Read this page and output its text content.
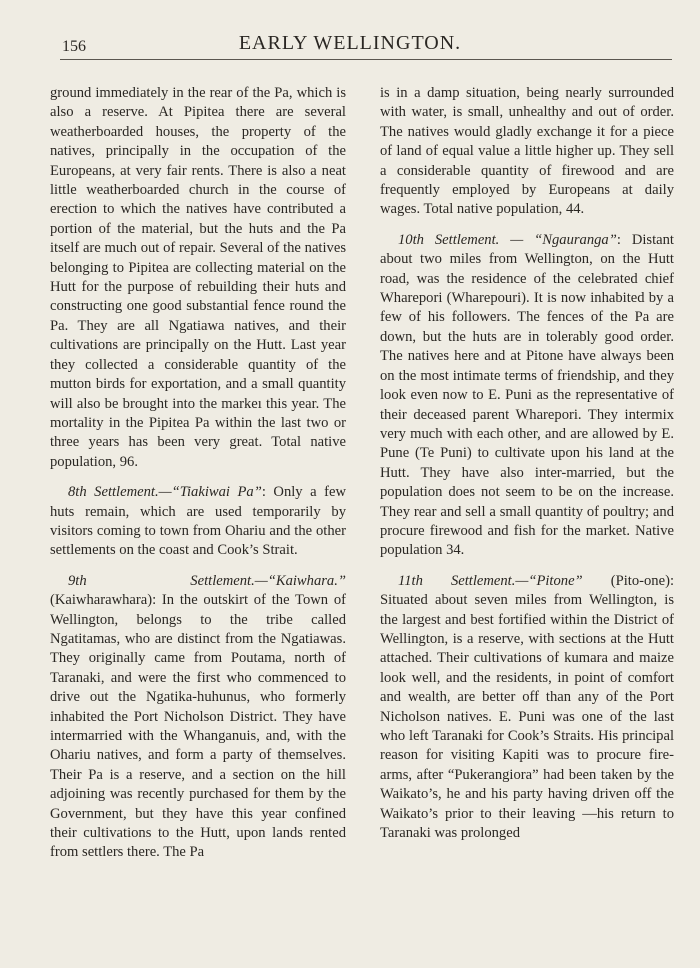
156	EARLY WELLINGTON.

ground immediately in the rear of the Pa, which is also a reserve. At Pipitea there are several weatherboarded houses, the property of the natives, principally in the occupation of the Europeans, at very fair rents. There is also a neat little weatherboarded church in the course of erection to which the natives have contributed a portion of the material, but the huts and the Pa itself are much out of repair. Several of the natives belonging to Pipitea are collecting material on the Hutt for the purpose of rebuilding their huts and constructing one good substantial fence round the Pa. They are all Ngatiawa natives, and their cultivations are principally on the Hutt. Last year they collected a considerable quantity of the mutton birds for exportation, and a small quantity will also be brought into the markeı this year. The mortality in the Pipitea Pa within the last two or three years has been very great. Total native population, 96.

8th Settlement.—“Tiakiwai Pa”: Only a few huts remain, which are used temporarily by visitors coming to town from Ohariu and the other settlements on the coast and Cook’s Strait.

9th Settlement.—“Kaiwhara.” (Kaiwharawhara): In the outskirt of the Town of Wellington, belongs to the tribe called Ngatitamas, who are distinct from the Ngatiawas. They originally came from Poutama, north of Taranaki, and were the first who commenced to drive out the Ngatika-huhunus, who formerly inhabited the Port Nicholson District. They have intermarried with the Whanganuis, and, with the Ohariu natives, and form a party of themselves. Their Pa is a reserve, and a section on the hill adjoining was recently purchased for them by the Government, but they have this year confined their cultivations to the Hutt, upon lands rented from settlers there. The Pa

is in a damp situation, being nearly surrounded with water, is small, unhealthy and out of order. The natives would gladly exchange it for a piece of land of equal value a little higher up. They sell a considerable quantity of firewood and are frequently employed by Europeans at daily wages. Total native population, 44.

10th Settlement. — “Ngauranga”: Distant about two miles from Wellington, on the Hutt road, was the residence of the celebrated chief Wharepori (Wharepouri). It is now inhabited by a few of his followers. The fences of the Pa are down, but the huts are in tolerably good order. The natives here and at Pitone have always been on the most intimate terms of friendship, and they look even now to E. Puni as the representative of their deceased parent Wharepori. They intermix very much with each other, and are allowed by E. Pune (Te Puni) to cultivate upon his land at the Hutt. They have also inter-married, but the population does not seem to be on the increase. They rear and sell a small quantity of poultry; and procure firewood and fish for the market. Native population 34.

11th Settlement.—“Pitone” (Pito-one): Situated about seven miles from Wellington, is the largest and best fortified within the District of Wellington, is a reserve, with sections at the Hutt attached. Their cultivations of kumara and maize look well, and the residents, in point of comfort and wealth, are better off than any of the Port Nicholson natives. E. Puni was one of the last who left Taranaki for Cook’s Straits. His principal reason for visiting Kapiti was to procure fire-arms, after “Pukerangiora” had been taken by the Waikato’s, he and his party having driven off the Waikato’s prior to their leaving —his return to Taranaki was prolonged
